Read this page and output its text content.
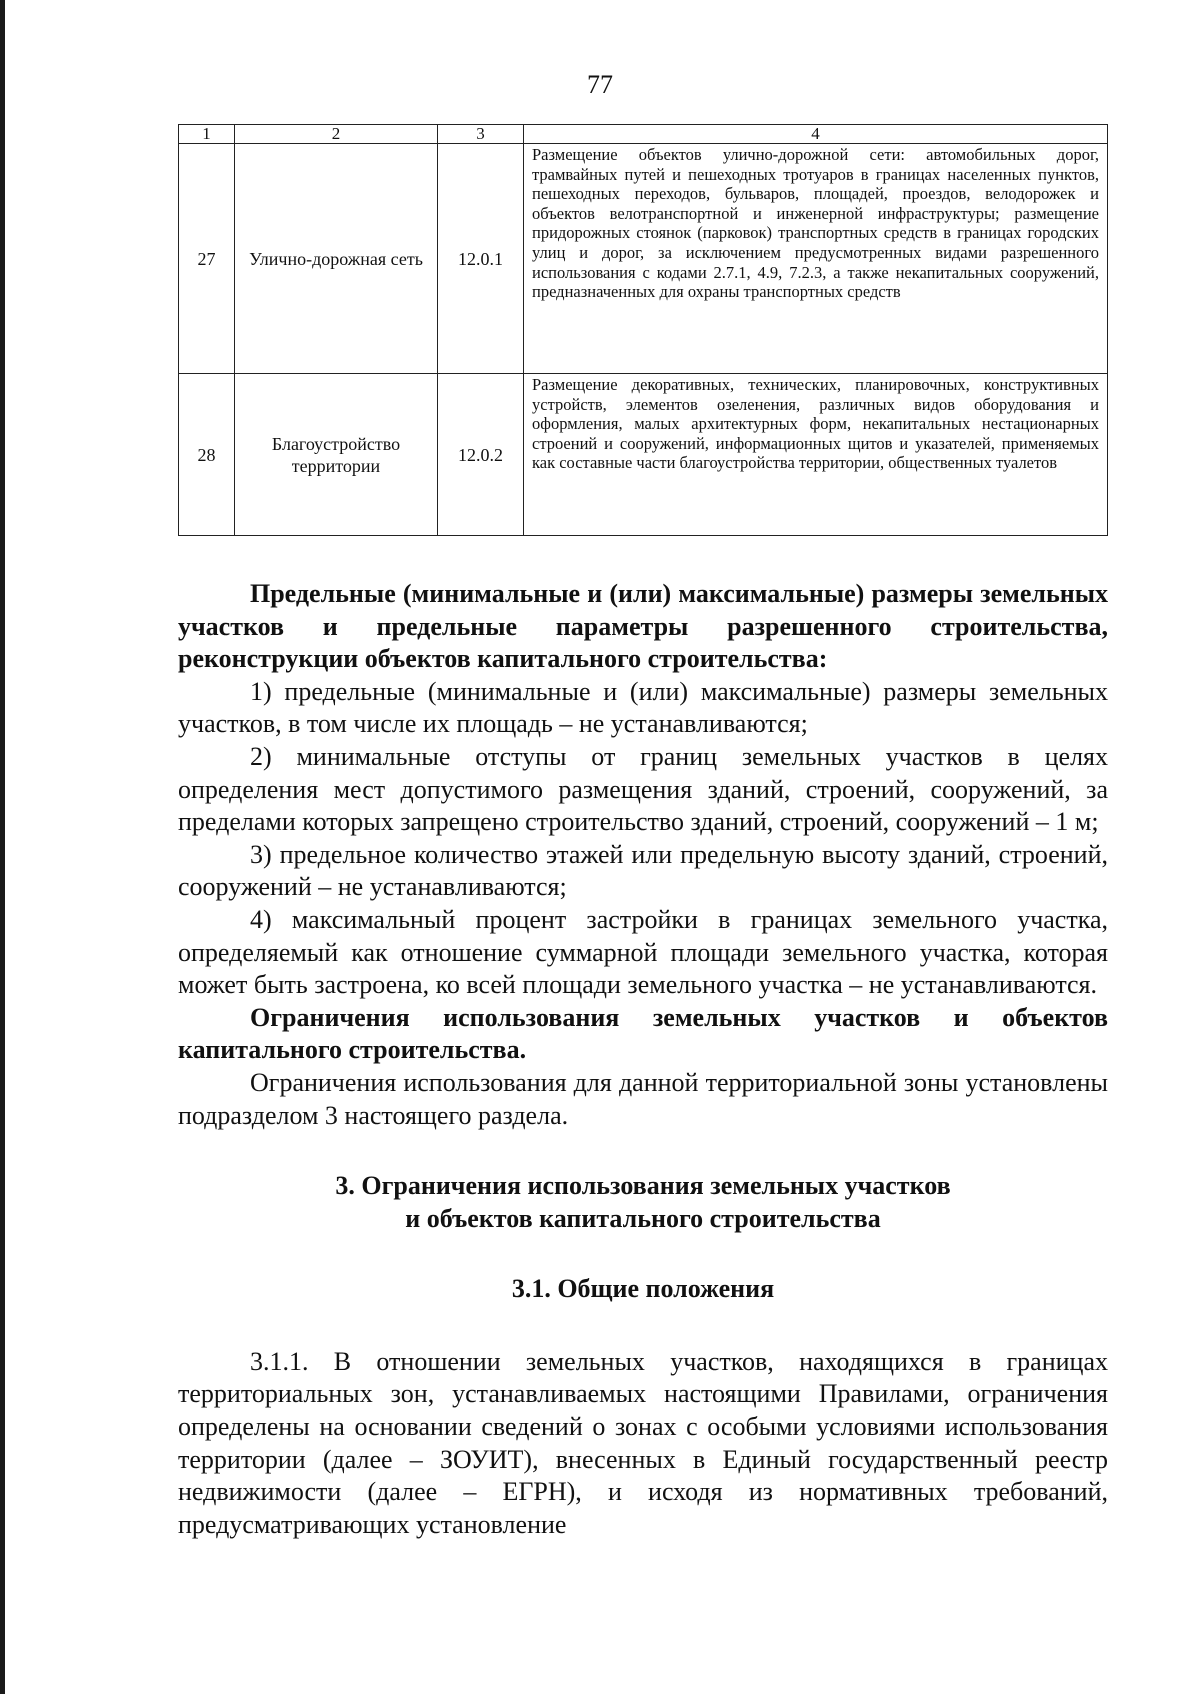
77
1	2	3	4

27	Улично-дорожная сеть	12.0.1	Размещение объектов улично-дорожной сети: автомобильных дорог, трамвайных путей и пешеходных тротуаров в границах населенных пунктов, пешеходных переходов, бульваров, площадей, проездов, велодорожек и объектов велотранспортной и инженерной инфраструктуры; размещение придорожных стоянок (парковок) транспортных средств в границах городских улиц и дорог, за исключением предусмотренных видами разрешенного использования с кодами 2.7.1, 4.9, 7.2.3, а также некапитальных сооружений, предназначенных для охраны транспортных средств

28	Благоустройство территории	12.0.2	Размещение декоративных, технических, планировочных, конструктивных устройств, элементов озеленения, различных видов оборудования и оформления, малых архитектурных форм, некапитальных нестационарных строений и сооружений, информационных щитов и указателей, применяемых как составные части благоустройства территории, общественных туалетов

Предельные (минимальные и (или) максимальные) размеры земельных участков и предельные параметры разрешенного строительства, реконструкции объектов капитального строительства:

1) предельные (минимальные и (или) максимальные) размеры земельных участков, в том числе их площадь – не устанавливаются;

2) минимальные отступы от границ земельных участков в целях определения мест допустимого размещения зданий, строений, сооружений, за пределами которых запрещено строительство зданий, строений, сооружений – 1 м;

3) предельное количество этажей или предельную высоту зданий, строений, сооружений – не устанавливаются;

4) максимальный процент застройки в границах земельного участка, определяемый как отношение суммарной площади земельного участка, которая может быть застроена, ко всей площади земельного участка – не устанавливаются.

Ограничения использования земельных участков и объектов капитального строительства.

Ограничения использования для данной территориальной зоны установлены подразделом 3 настоящего раздела.

3. Ограничения использования земельных участков

и объектов капитального строительства

3.1. Общие положения

3.1.1. В отношении земельных участков, находящихся в границах территориальных зон, устанавливаемых настоящими Правилами, ограничения определены на основании сведений о зонах с особыми условиями использования территории (далее – ЗОУИТ), внесенных в Единый государственный реестр недвижимости (далее – ЕГРН), и исходя из нормативных требований, предусматривающих установление
